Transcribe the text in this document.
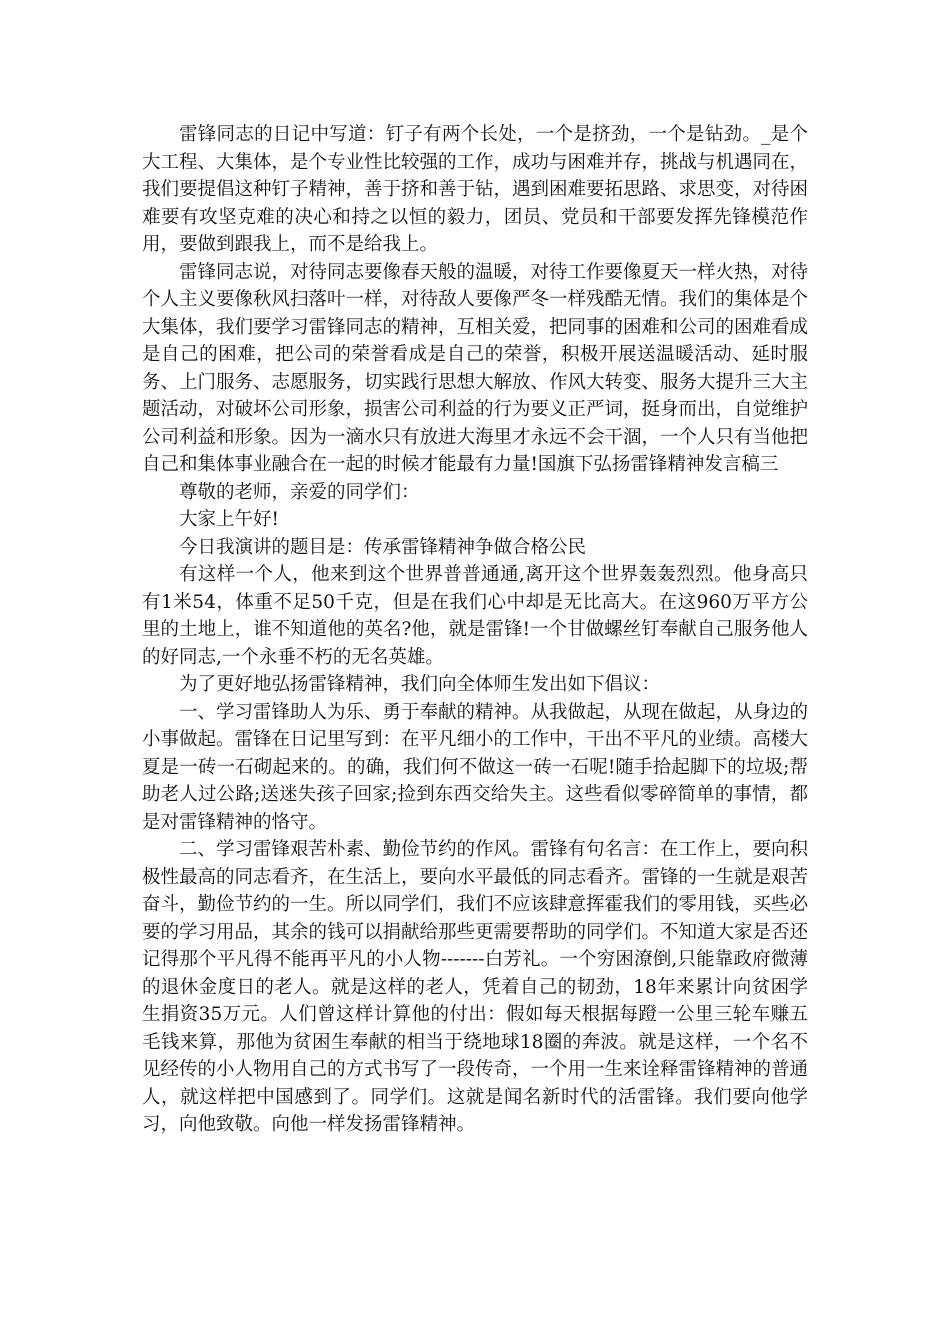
雷锋同志的日记中写道：钉子有两个长处，一个是挤劲，一个是钻劲。_是个大工程、大集体，是个专业性比较强的工作，成功与困难并存，挑战与机遇同在，我们要提倡这种钉子精神，善于挤和善于钻，遇到困难要拓思路、求思变，对待困难要有攻坚克难的决心和持之以恒的毅力，团员、党员和干部要发挥先锋模范作用，要做到跟我上，而不是给我上。

雷锋同志说，对待同志要像春天般的温暖，对待工作要像夏天一样火热，对待个人主义要像秋风扫落叶一样，对待敌人要像严冬一样残酷无情。我们的集体是个大集体，我们要学习雷锋同志的精神，互相关爱，把同事的困难和公司的困难看成是自己的困难，把公司的荣誉看成是自己的荣誉，积极开展送温暖活动、延时服务、上门服务、志愿服务，切实践行思想大解放、作风大转变、服务大提升三大主题活动，对破坏公司形象，损害公司利益的行为要义正严词，挺身而出，自觉维护公司利益和形象。因为一滴水只有放进大海里才永远不会干涸，一个人只有当他把自己和集体事业融合在一起的时候才能最有力量!国旗下弘扬雷锋精神发言稿三

尊敬的老师，亲爱的同学们：

大家上午好!

今日我演讲的题目是：传承雷锋精神争做合格公民

有这样一个人，他来到这个世界普普通通,离开这个世界轰轰烈烈。他身高只有1米54，体重不足50千克，但是在我们心中却是无比高大。在这960万平方公里的土地上，谁不知道他的英名?他，就是雷锋!一个甘做螺丝钉奉献自己服务他人的好同志,一个永垂不朽的无名英雄。

为了更好地弘扬雷锋精神，我们向全体师生发出如下倡议：

一、学习雷锋助人为乐、勇于奉献的精神。从我做起，从现在做起，从身边的小事做起。雷锋在日记里写到：在平凡细小的工作中，干出不平凡的业绩。高楼大夏是一砖一石砌起来的。的确，我们何不做这一砖一石呢!随手拾起脚下的垃圾;帮助老人过公路;送迷失孩子回家;捡到东西交给失主。这些看似零碎简单的事情，都是对雷锋精神的恪守。

二、学习雷锋艰苦朴素、勤俭节约的作风。雷锋有句名言：在工作上，要向积极性最高的同志看齐，在生活上，要向水平最低的同志看齐。雷锋的一生就是艰苦奋斗，勤俭节约的一生。所以同学们，我们不应该肆意挥霍我们的零用钱，买些必要的学习用品，其余的钱可以捐献给那些更需要帮助的同学们。不知道大家是否还记得那个平凡得不能再平凡的小人物-------白芳礼。一个穷困潦倒,只能靠政府微薄的退休金度日的老人。就是这样的老人，凭着自己的韧劲，18年来累计向贫困学生捐资35万元。人们曾这样计算他的付出：假如每天根据每蹬一公里三轮车赚五毛钱来算，那他为贫困生奉献的相当于绕地球18圈的奔波。就是这样，一个名不见经传的小人物用自己的方式书写了一段传奇，一个用一生来诠释雷锋精神的普通人，就这样把中国感到了。同学们。这就是闻名新时代的活雷锋。我们要向他学习，向他致敬。向他一样发扬雷锋精神。
